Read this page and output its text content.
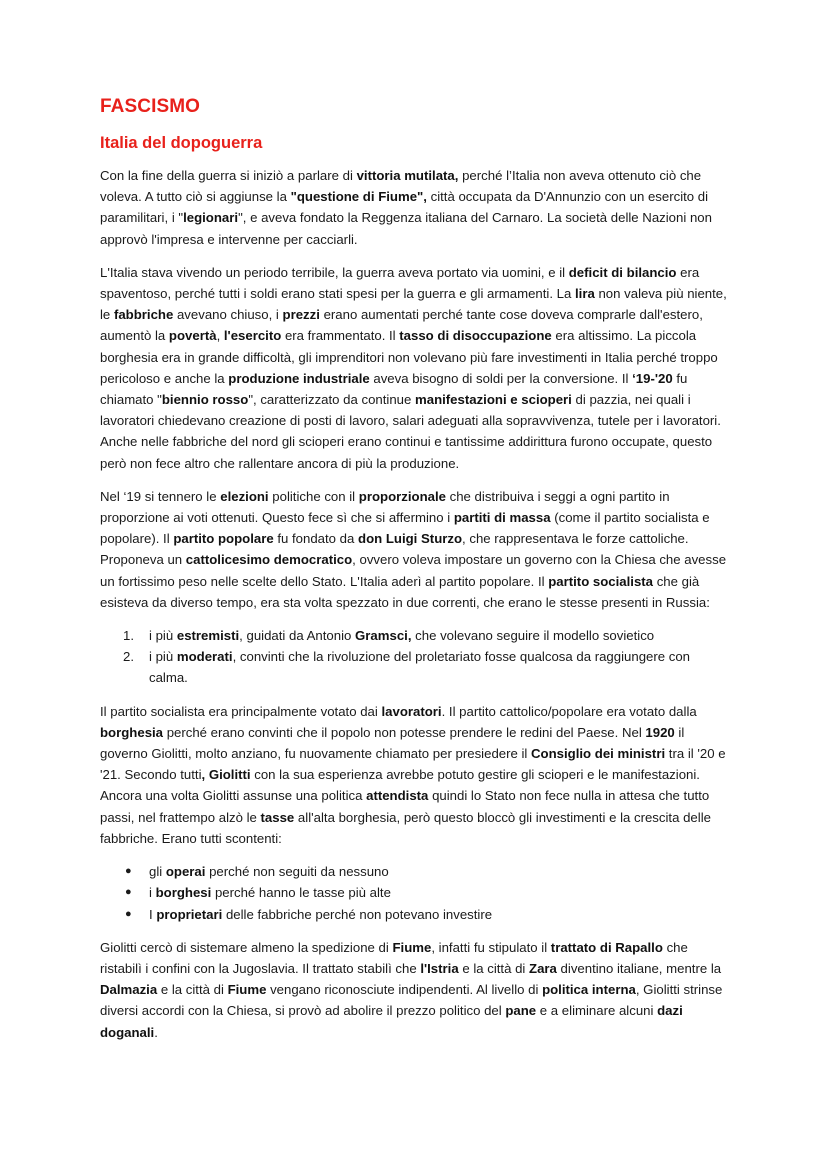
FASCISMO
Italia del dopoguerra

Con la fine della guerra si iniziò a parlare di vittoria mutilata, perché l’Italia non aveva ottenuto ciò che voleva. A tutto ciò si aggiunse la "questione di Fiume", città occupata da D'Annunzio con un esercito di paramilitari, i "legionari", e aveva fondato la Reggenza italiana del Carnaro. La società delle Nazioni non approvò l'impresa e intervenne per cacciarli.

L'Italia stava vivendo un periodo terribile, la guerra aveva portato via uomini, e il deficit di bilancio era spaventoso, perché tutti i soldi erano stati spesi per la guerra e gli armamenti. La lira non valeva più niente, le fabbriche avevano chiuso, i prezzi erano aumentati perché tante cose doveva comprarle dall'estero, aumentò la povertà, l'esercito era frammentato. Il tasso di disoccupazione era altissimo. La piccola borghesia era in grande difficoltà, gli imprenditori non volevano più fare investimenti in Italia perché troppo pericoloso e anche la produzione industriale aveva bisogno di soldi per la conversione. Il ‘19-'20 fu chiamato "biennio rosso", caratterizzato da continue manifestazioni e scioperi di pazzia, nei quali i lavoratori chiedevano creazione di posti di lavoro, salari adeguati alla sopravvivenza, tutele per i lavoratori. Anche nelle fabbriche del nord gli scioperi erano continui e tantissime addirittura furono occupate, questo però non fece altro che rallentare ancora di più la produzione.

Nel ‘19 si tennero le elezioni politiche con il proporzionale che distribuiva i seggi a ogni partito in proporzione ai voti ottenuti. Questo fece sì che si affermino i partiti di massa (come il partito socialista e popolare). Il partito popolare fu fondato da don Luigi Sturzo, che rappresentava le forze cattoliche. Proponeva un cattolicesimo democratico, ovvero voleva impostare un governo con la Chiesa che avesse un fortissimo peso nelle scelte dello Stato. L'Italia aderì al partito popolare. Il partito socialista che già esisteva da diverso tempo, era sta volta spezzato in due correnti, che erano le stesse presenti in Russia:

1.	i più estremisti, guidati da Antonio Gramsci, che volevano seguire il modello sovietico
2.	i più moderati, convinti che la rivoluzione del proletariato fosse qualcosa da raggiungere con calma.

Il partito socialista era principalmente votato dai lavoratori. Il partito cattolico/popolare era votato dalla borghesia perché erano convinti che il popolo non potesse prendere le redini del Paese. Nel 1920 il governo Giolitti, molto anziano, fu nuovamente chiamato per presiedere il Consiglio dei ministri tra il '20 e '21. Secondo tutti, Giolitti con la sua esperienza avrebbe potuto gestire gli scioperi e le manifestazioni. Ancora una volta Giolitti assunse una politica attendista quindi lo Stato non fece nulla in attesa che tutto passi, nel frattempo alzò le tasse all'alta borghesia, però questo bloccò gli investimenti e la crescita delle fabbriche. Erano tutti scontenti:

●	gli operai perché non seguiti da nessuno
●	i borghesi perché hanno le tasse più alte
●	I proprietari delle fabbriche perché non potevano investire

Giolitti cercò di sistemare almeno la spedizione di Fiume, infatti fu stipulato il trattato di Rapallo che ristabilì i confini con la Jugoslavia. Il trattato stabilì che l'Istria e la città di Zara diventino italiane, mentre la Dalmazia e la città di Fiume vengano riconosciute indipendenti. Al livello di politica interna, Giolitti strinse diversi accordi con la Chiesa, si provò ad abolire il prezzo politico del pane e a eliminare alcuni dazi doganali.
